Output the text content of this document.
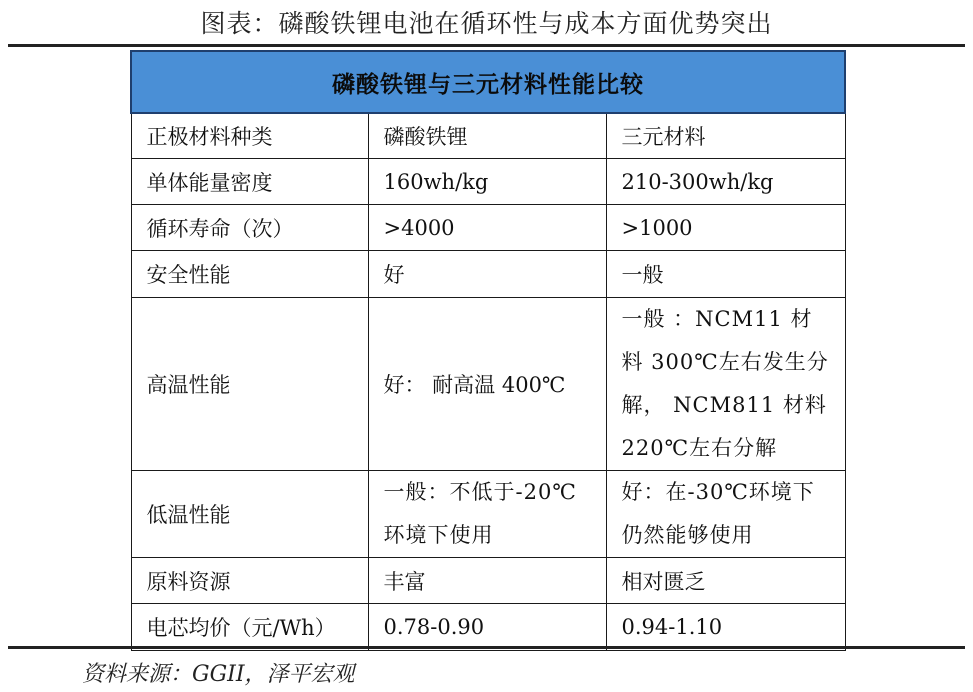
图表：磷酸铁锂电池在循环性与成本方面优势突出
磷酸铁锂与三元材料性能比较		
正极材料种类	磷酸铁锂	三元材料
单体能量密度	160wh/kg	210-300wh/kg
循环寿命（次）	>4000	>1000
安全性能	好	一般
高温性能	好： 耐高温 400℃	一般 ：NCM11 材料 300℃左右发生分解， NCM811 材料 220℃左右分解
低温性能	一般：不低于-20℃环境下使用	好：在-30℃环境下仍然能够使用
原料资源	丰富	相对匮乏
电芯均价（元/Wh）	0.78-0.90	0.94-1.10
资料来源：GGII，泽平宏观
